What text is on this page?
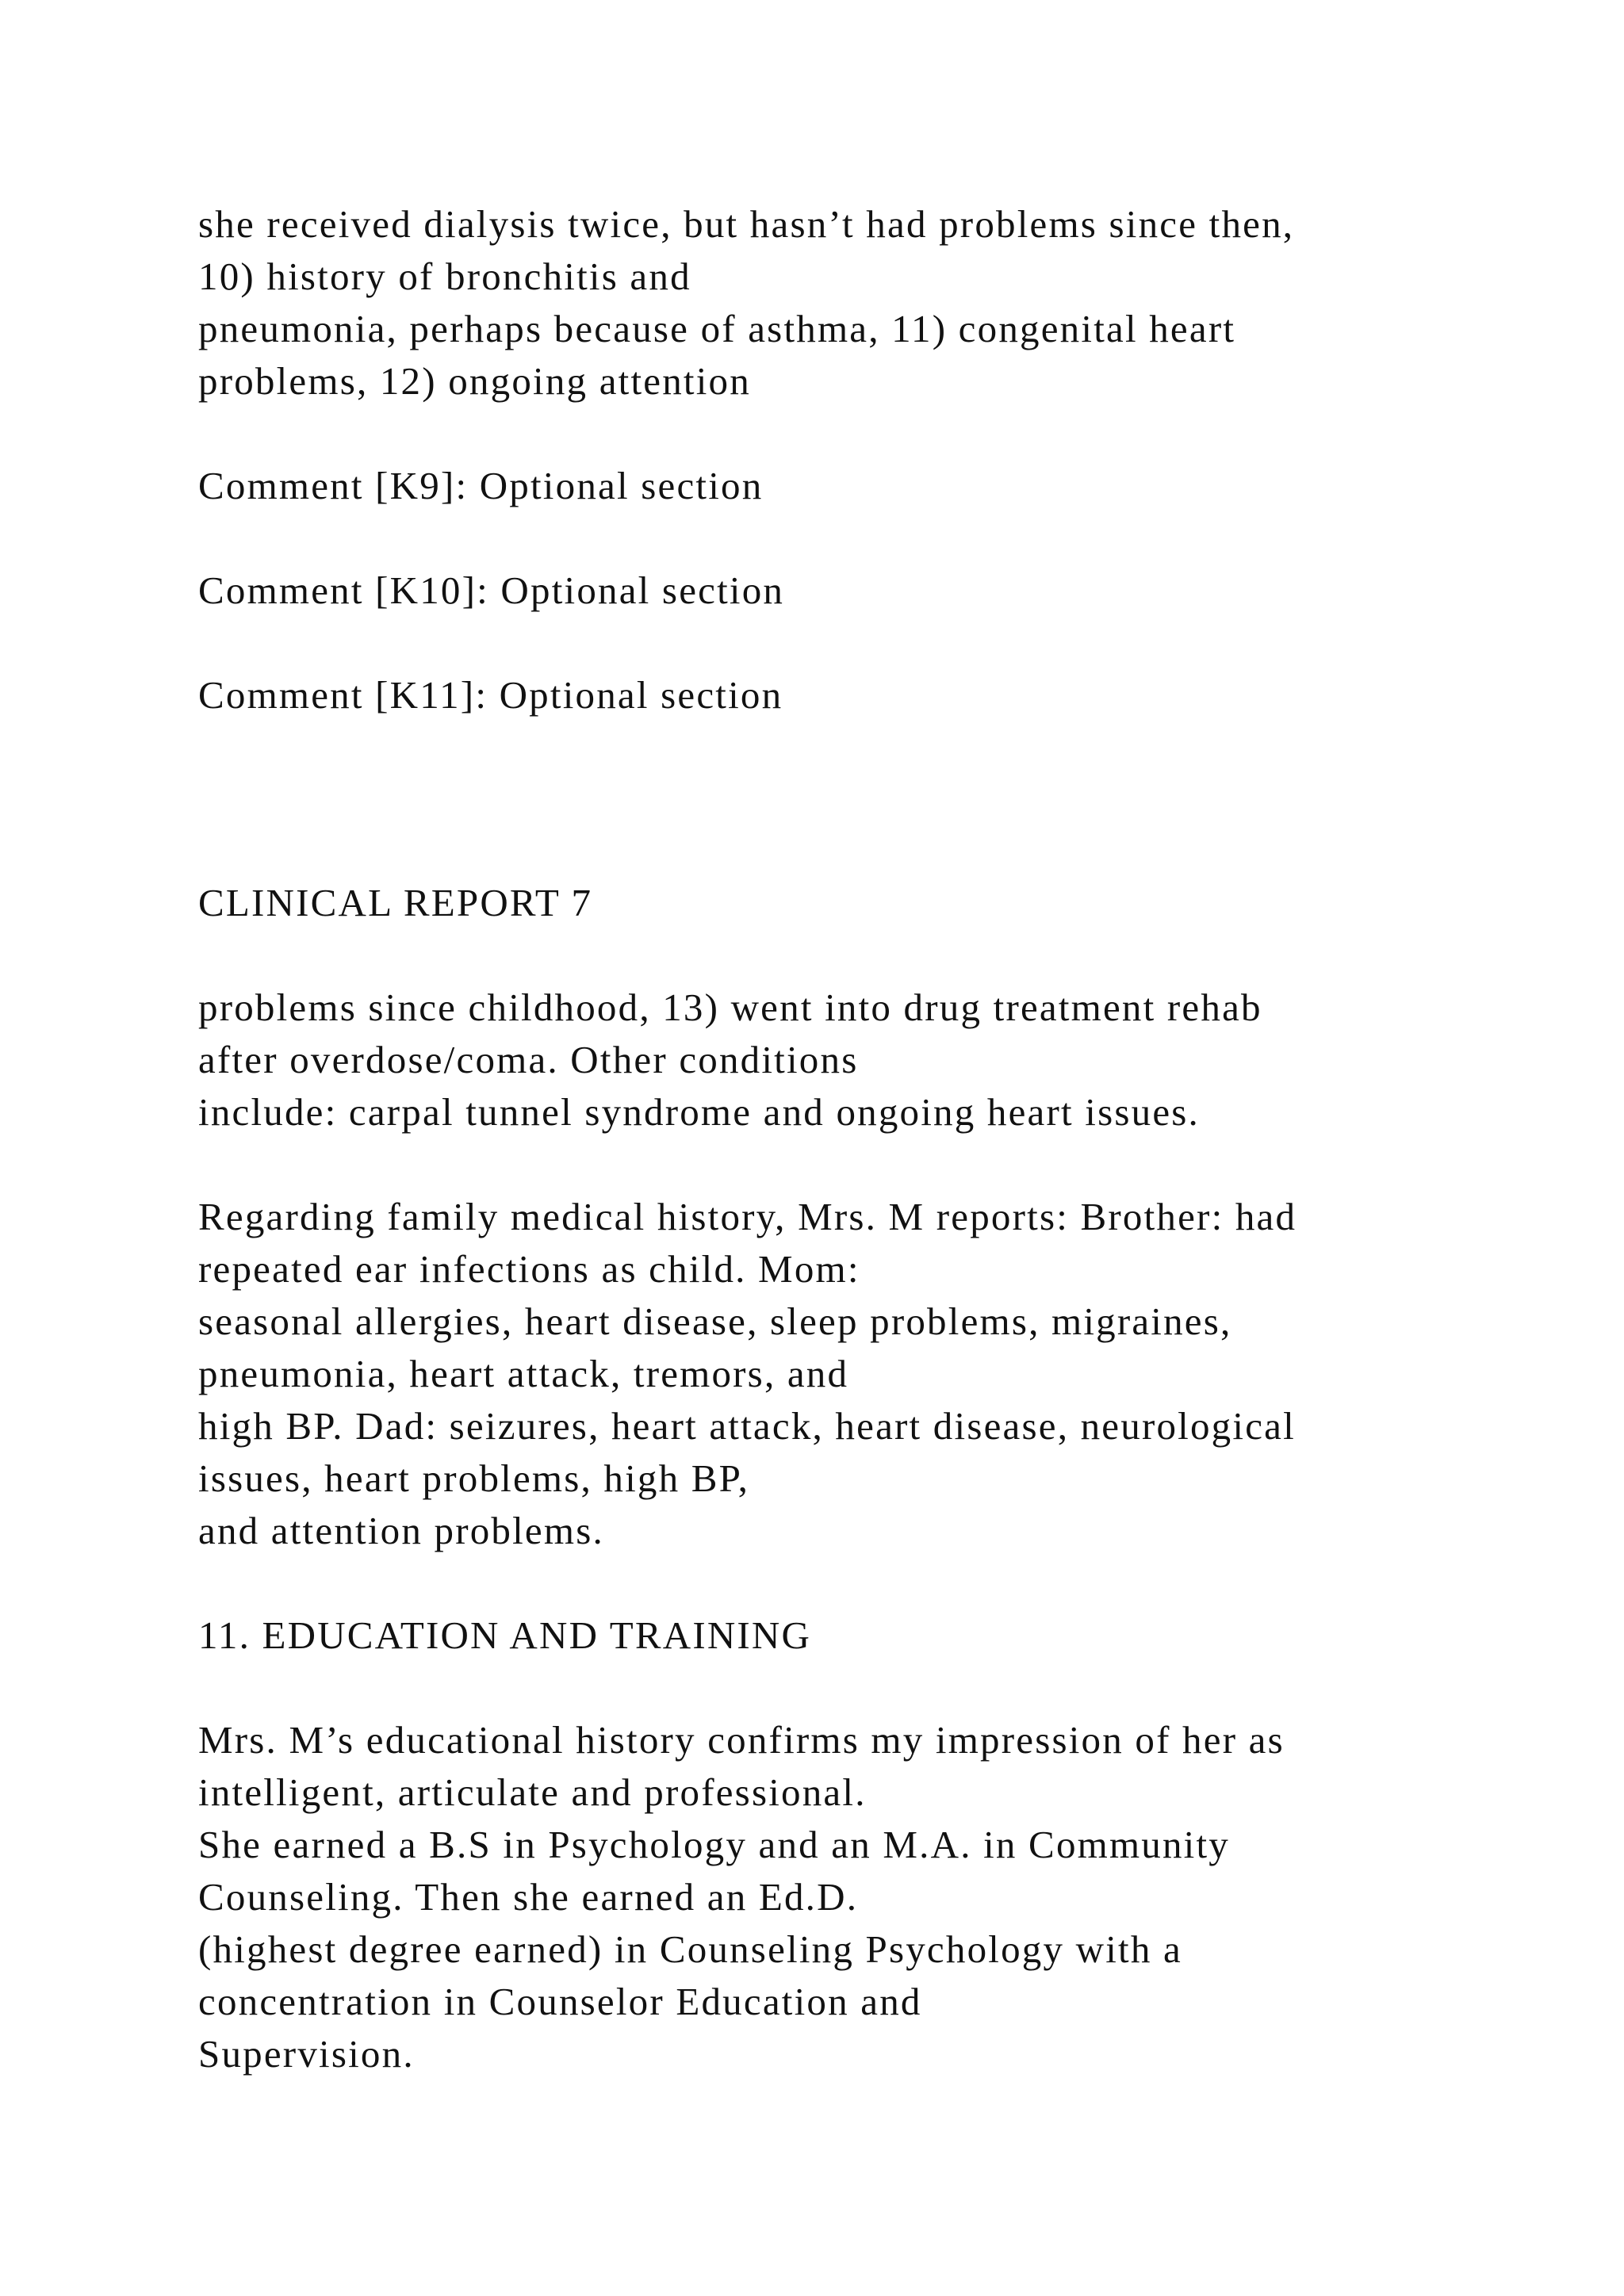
she received dialysis twice, but hasn’t had problems since then,
10) history of bronchitis and
pneumonia, perhaps because of asthma, 11) congenital heart
problems, 12) ongoing attention

Comment [K9]: Optional section

Comment [K10]: Optional section

Comment [K11]: Optional section

CLINICAL REPORT 7

problems since childhood, 13) went into drug treatment rehab
after overdose/coma. Other conditions
include: carpal tunnel syndrome and ongoing heart issues.

Regarding family medical history, Mrs. M reports: Brother: had
repeated ear infections as child. Mom:
seasonal allergies, heart disease, sleep problems, migraines,
pneumonia, heart attack, tremors, and
high BP. Dad: seizures, heart attack, heart disease, neurological
issues, heart problems, high BP,
and attention problems.

11. EDUCATION AND TRAINING

Mrs. M’s educational history confirms my impression of her as
intelligent, articulate and professional.
She earned a B.S in Psychology and an M.A. in Community
Counseling. Then she earned an Ed.D.
(highest degree earned) in Counseling Psychology with a
concentration in Counselor Education and
Supervision.
